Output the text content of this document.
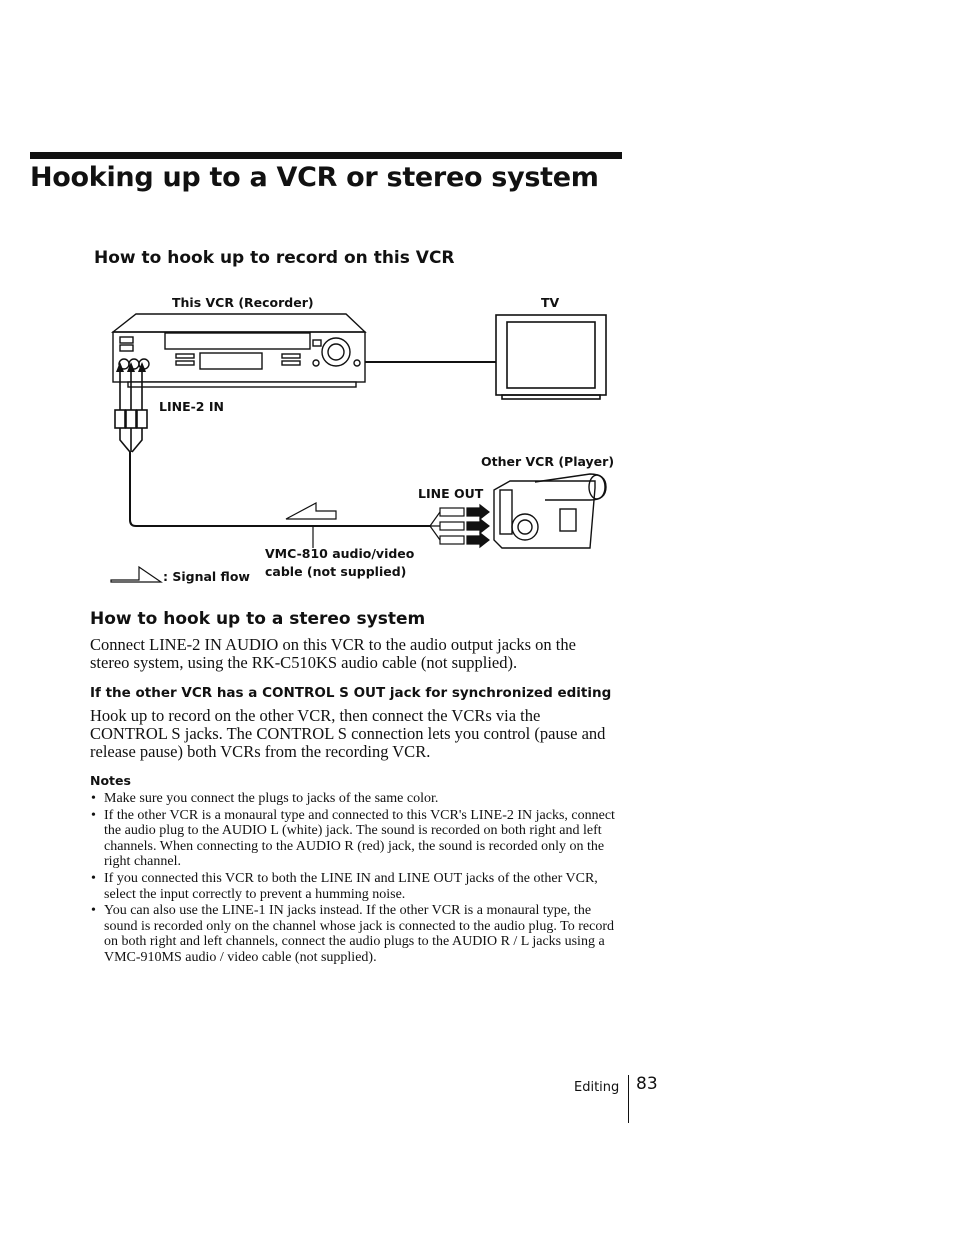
Hooking up to a VCR or stereo system
How to hook up to record on this VCR
This VCR (Recorder)	TV
LINE-2 IN
Other VCR (Player)
LINE OUT
VMC-810 audio/video
cable (not supplied)
: Signal flow
How to hook up to a stereo system

Connect LINE-2 IN AUDIO on this VCR to the audio output jacks on the
stereo system, using the RK-C510KS audio cable (not supplied).

If the other VCR has a CONTROL S OUT jack for synchronized editing

Hook up to record on the other VCR, then connect the VCRs via the
CONTROL S jacks. The CONTROL S connection lets you control (pause and
release pause) both VCRs from the recording VCR.

Notes
• Make sure you connect the plugs to jacks of the same color.
• If the other VCR is a monaural type and connected to this VCR's LINE-2 IN jacks, connect the audio plug to the AUDIO L (white) jack. The sound is recorded on both right and left channels. When connecting to the AUDIO R (red) jack, the sound is recorded only on the right channel.
• If you connected this VCR to both the LINE IN and LINE OUT jacks of the other VCR, select the input correctly to prevent a humming noise.
• You can also use the LINE-1 IN jacks instead. If the other VCR is a monaural type, the sound is recorded only on the channel whose jack is connected to the audio plug. To record on both right and left channels, connect the audio plugs to the AUDIO R / L jacks using a VMC-910MS audio / video cable (not supplied).
Editing 83
